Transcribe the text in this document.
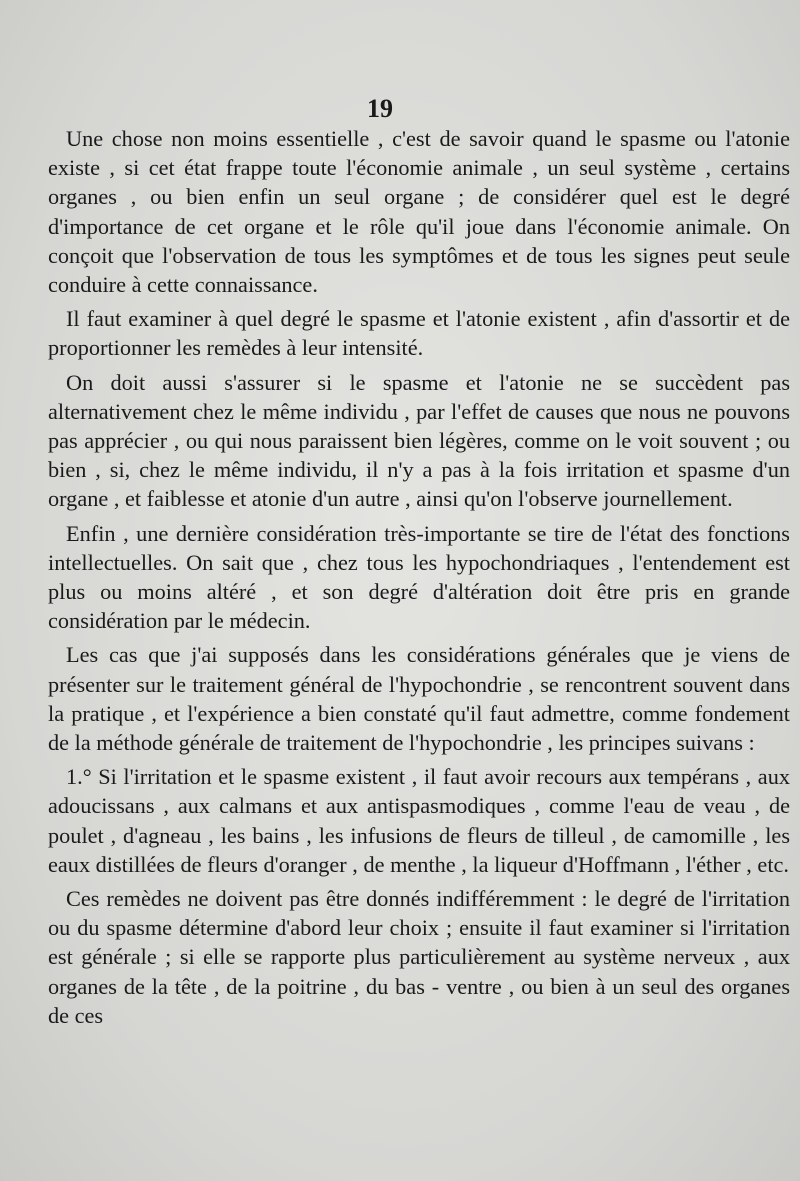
19

Une chose non moins essentielle , c'est de savoir quand le spasme ou l'atonie existe , si cet état frappe toute l'économie animale , un seul système , certains organes , ou bien enfin un seul organe ; de considérer quel est le degré d'importance de cet organe et le rôle qu'il joue dans l'économie animale. On conçoit que l'observation de tous les symptômes et de tous les signes peut seule conduire à cette connaissance.

Il faut examiner à quel degré le spasme et l'atonie existent , afin d'assortir et de proportionner les remèdes à leur intensité.

On doit aussi s'assurer si le spasme et l'atonie ne se succèdent pas alternativement chez le même individu , par l'effet de causes que nous ne pouvons pas apprécier , ou qui nous paraissent bien légères, comme on le voit souvent ; ou bien , si, chez le même individu, il n'y a pas à la fois irritation et spasme d'un organe , et faiblesse et atonie d'un autre , ainsi qu'on l'observe journellement.

Enfin , une dernière considération très-importante se tire de l'état des fonctions intellectuelles. On sait que , chez tous les hypochondriaques , l'entendement est plus ou moins altéré , et son degré d'altération doit être pris en grande considération par le médecin.

Les cas que j'ai supposés dans les considérations générales que je viens de présenter sur le traitement général de l'hypochondrie , se rencontrent souvent dans la pratique , et l'expérience a bien constaté qu'il faut admettre, comme fondement de la méthode générale de traitement de l'hypochondrie , les principes suivans :

1.° Si l'irritation et le spasme existent , il faut avoir recours aux tempérans , aux adoucissans , aux calmans et aux antispasmodiques , comme l'eau de veau , de poulet , d'agneau , les bains , les infusions de fleurs de tilleul , de camomille , les eaux distillées de fleurs d'oranger , de menthe , la liqueur d'Hoffmann , l'éther , etc.

Ces remèdes ne doivent pas être donnés indifféremment : le degré de l'irritation ou du spasme détermine d'abord leur choix ; ensuite il faut examiner si l'irritation est générale ; si elle se rapporte plus particulièrement au système nerveux , aux organes de la tête , de la poitrine , du bas - ventre , ou bien à un seul des organes de ces
